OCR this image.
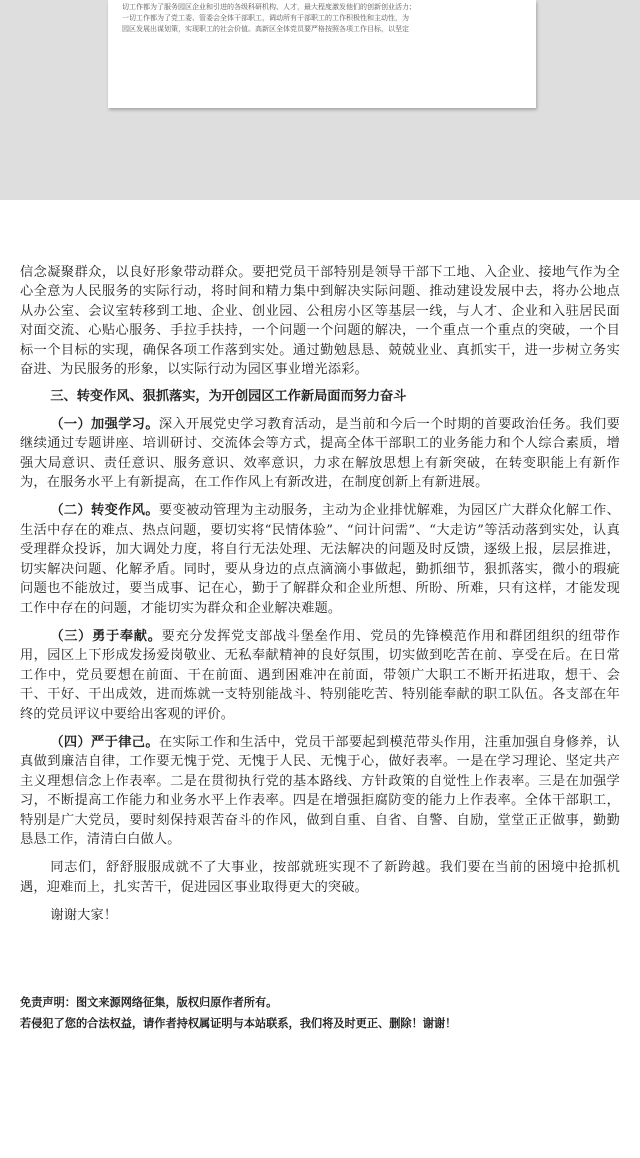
切工作都为了服务园区企业和引进的各级科研机构、人才，最大程度激发他们的创新创业活力；
一切工作都为了党工委、管委会全体干部职工，调动所有干部职工的工作积极性和主动性，为
园区发展出谋划策，实现职工的社会价值。高新区全体党员要严格按照各项工作目标，以坚定

信念凝聚群众，以良好形象带动群众。要把党员干部特别是领导干部下工地、入企业、接地气作为全心全意为人民服务的实际行动，将时间和精力集中到解决实际问题、推动建设发展中去，将办公地点从办公室、会议室转移到工地、企业、创业园、公租房小区等基层一线，与人才、企业和入驻居民面对面交流、心贴心服务、手拉手扶持，一个问题一个问题的解决，一个重点一个重点的突破，一个目标一个目标的实现，确保各项工作落到实处。通过勤勉恳恳、兢兢业业、真抓实干，进一步树立务实奋进、为民服务的形象，以实际行动为园区事业增光添彩。

三、转变作风、狠抓落实，为开创园区工作新局面而努力奋斗

（一）加强学习。深入开展党史学习教育活动，是当前和今后一个时期的首要政治任务。我们要继续通过专题讲座、培训研讨、交流体会等方式，提高全体干部职工的业务能力和个人综合素质，增强大局意识、责任意识、服务意识、效率意识，力求在解放思想上有新突破，在转变职能上有新作为，在服务水平上有新提高，在工作作风上有新改进，在制度创新上有新进展。

（二）转变作风。要变被动管理为主动服务，主动为企业排忧解难，为园区广大群众化解工作、生活中存在的难点、热点问题，要切实将“民情体验”、“问计问需”、“大走访”等活动落到实处，认真受理群众投诉，加大调处力度，将自行无法处理、无法解决的问题及时反馈，逐级上报，层层推进，切实解决问题、化解矛盾。同时，要从身边的点点滴滴小事做起，勤抓细节，狠抓落实，微小的瑕疵问题也不能放过，要当成事、记在心，勤于了解群众和企业所想、所盼、所难，只有这样，才能发现工作中存在的问题，才能切实为群众和企业解决难题。

（三）勇于奉献。要充分发挥党支部战斗堡垒作用、党员的先锋模范作用和群团组织的纽带作用，园区上下形成发扬爱岗敬业、无私奉献精神的良好氛围，切实做到吃苦在前、享受在后。在日常工作中，党员要想在前面、干在前面、遇到困难冲在前面，带领广大职工不断开拓进取，想干、会干、干好、干出成效，进而炼就一支特别能战斗、特别能吃苦、特别能奉献的职工队伍。各支部在年终的党员评议中要给出客观的评价。

（四）严于律己。在实际工作和生活中，党员干部要起到模范带头作用，注重加强自身修养，认真做到廉洁自律，工作要无愧于党、无愧于人民、无愧于心，做好表率。一是在学习理论、坚定共产主义理想信念上作表率。二是在贯彻执行党的基本路线、方针政策的自觉性上作表率。三是在加强学习，不断提高工作能力和业务水平上作表率。四是在增强拒腐防变的能力上作表率。全体干部职工，特别是广大党员，要时刻保持艰苦奋斗的作风，做到自重、自省、自警、自励，堂堂正正做事，勤勤恳恳工作，清清白白做人。

同志们，舒舒服服成就不了大事业，按部就班实现不了新跨越。我们要在当前的困境中抢抓机遇，迎难而上，扎实苦干，促进园区事业取得更大的突破。

谢谢大家！

免责声明：图文来源网络征集，版权归原作者所有。

若侵犯了您的合法权益，请作者持权属证明与本站联系，我们将及时更正、删除！谢谢！
